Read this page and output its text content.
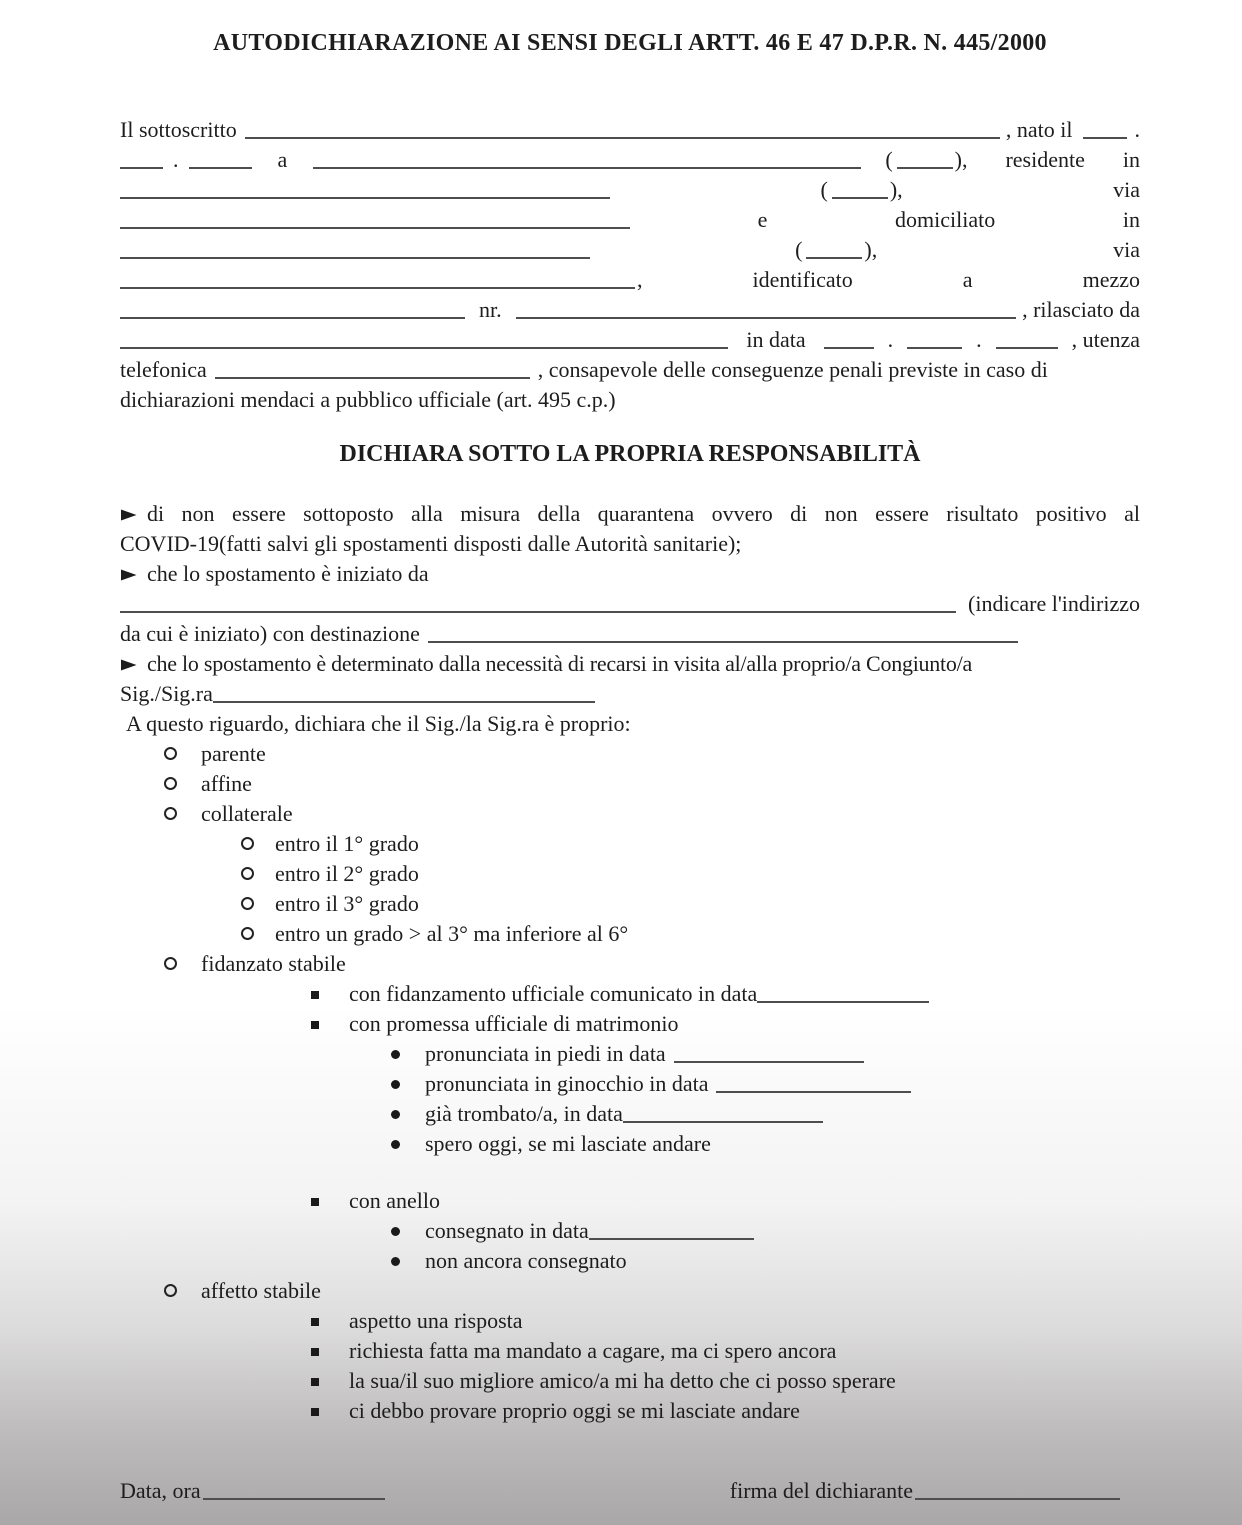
AUTODICHIARAZIONE AI SENSI DEGLI ARTT. 46 E 47 D.P.R. N. 445/2000
Il sottoscritto	, nato il	.
.	a	(	), residente in
(	),	via
e	domiciliato	in
(	),	via
,	identificato	a	mezzo
nr.	, rilasciato da
in data	.	.	, utenza
telefonica	, consapevole delle conseguenze penali previste in caso di
dichiarazioni mendaci a pubblico ufficiale (art. 495 c.p.)
DICHIARA SOTTO LA PROPRIA RESPONSABILITÀ
di non essere sottoposto alla misura della quarantena ovvero di non essere risultato positivo al
COVID-19(fatti salvi gli spostamenti disposti dalle Autorità sanitarie);
che lo spostamento è iniziato da
(indicare l'indirizzo
da cui è iniziato) con destinazione
che lo spostamento è determinato dalla necessità di recarsi in visita al/alla proprio/a Congiunto/a
Sig./Sig.ra
A questo riguardo, dichiara che il Sig./la Sig.ra è proprio:
parente
affine
collaterale
entro il 1° grado
entro il 2° grado
entro il 3° grado
entro un grado > al 3° ma inferiore al 6°
fidanzato stabile
con fidanzamento ufficiale comunicato in data
con promessa ufficiale di matrimonio
pronunciata in piedi in data
pronunciata in ginocchio in data
già trombato/a, in data
spero oggi, se mi lasciate andare
con anello
consegnato in data
non ancora consegnato
affetto stabile
aspetto una risposta
richiesta fatta ma mandato a cagare, ma ci spero ancora
la sua/il suo migliore amico/a mi ha detto che ci posso sperare
ci debbo provare proprio oggi se mi lasciate andare
Data, ora	firma del dichiarante
